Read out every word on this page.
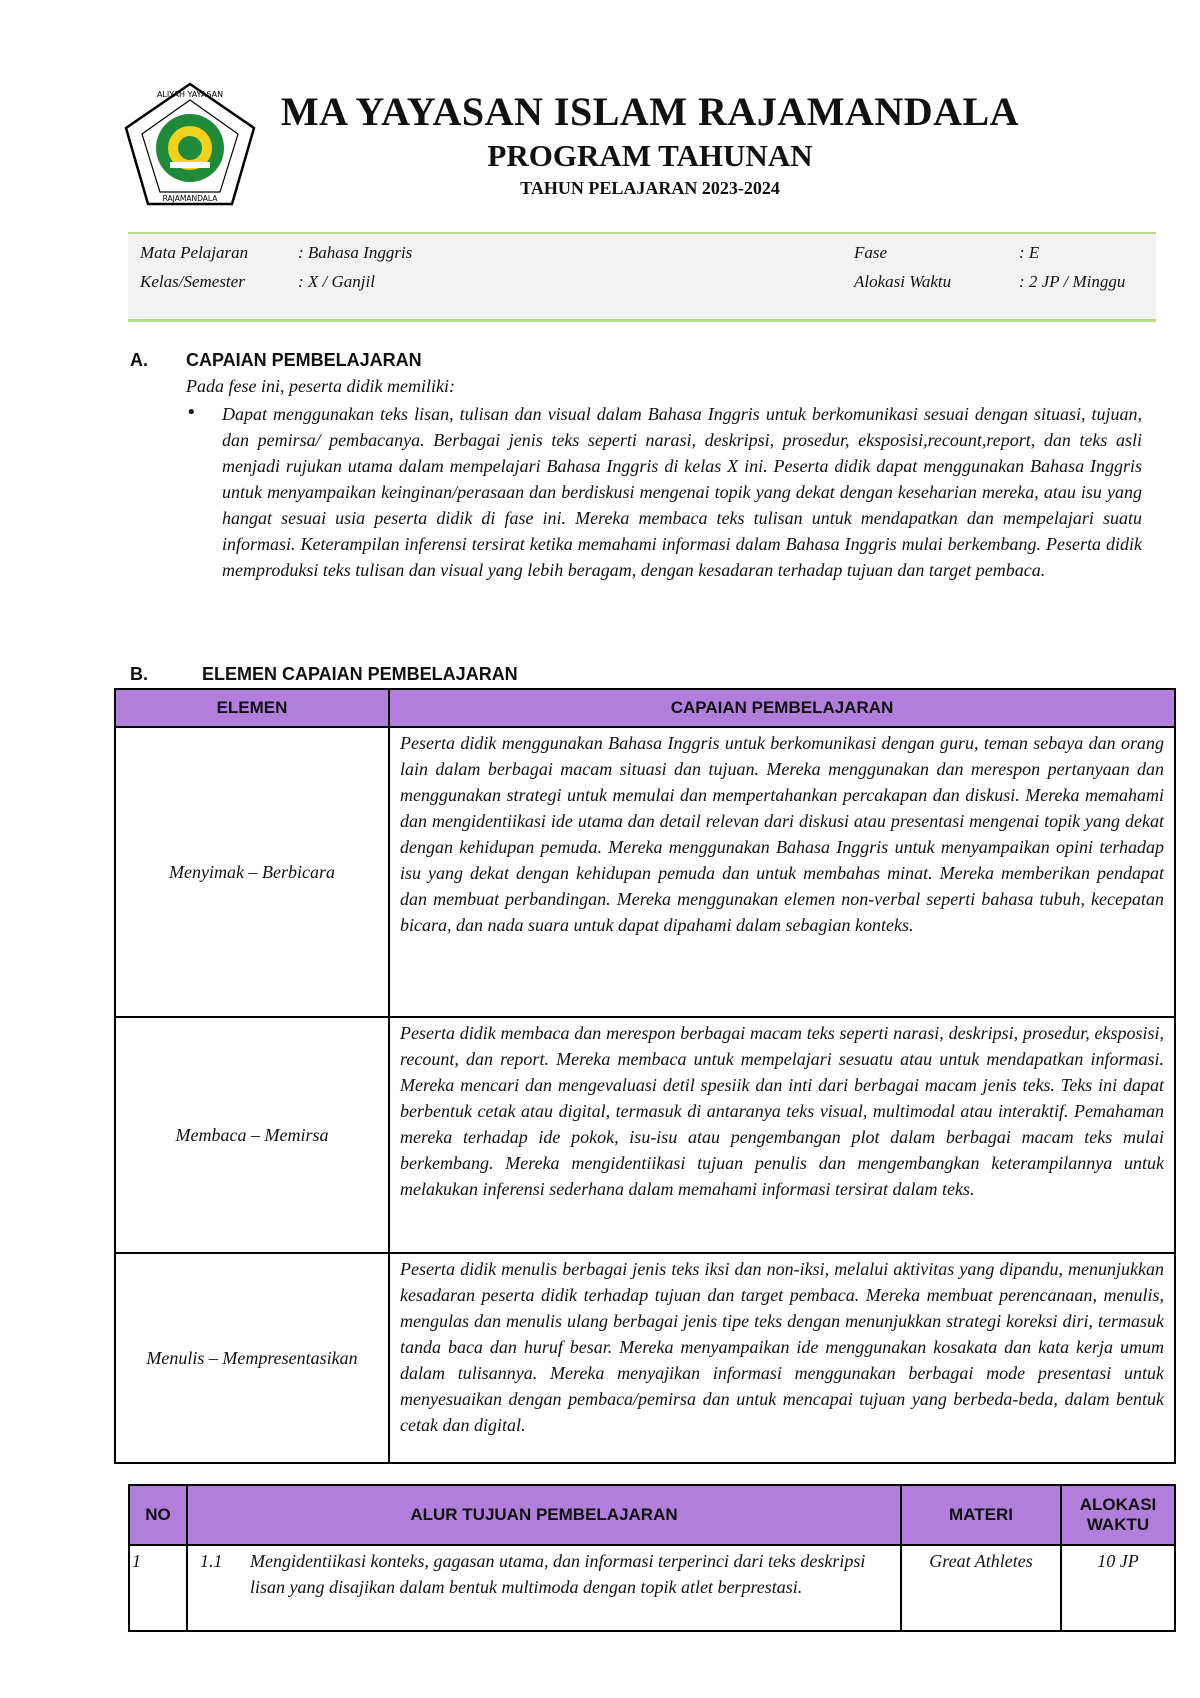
ALIYAH YAYASAN
RAJAMANDALA
MA YAYASAN ISLAM RAJAMANDALA
PROGRAM TAHUNAN
TAHUN PELAJARAN 2023-2024
Mata Pelajaran	: Bahasa Inggris	Fase	: E
Kelas/Semester	: X / Ganjil	Alokasi Waktu	: 2 JP / Minggu
A. CAPAIAN PEMBELAJARAN
Pada fese ini, peserta didik memiliki:
• Dapat menggunakan teks lisan, tulisan dan visual dalam Bahasa Inggris untuk berkomunikasi sesuai dengan situasi, tujuan, dan pemirsa/ pembacanya. Berbagai jenis teks seperti narasi, deskripsi, prosedur, eksposisi,recount,report, dan teks asli menjadi rujukan utama dalam mempelajari Bahasa Inggris di kelas X ini. Peserta didik dapat menggunakan Bahasa Inggris untuk menyampaikan keinginan/perasaan dan berdiskusi mengenai topik yang dekat dengan keseharian mereka, atau isu yang hangat sesuai usia peserta didik di fase ini. Mereka membaca teks tulisan untuk mendapatkan dan mempelajari suatu informasi. Keterampilan inferensi tersirat ketika memahami informasi dalam Bahasa Inggris mulai berkembang. Peserta didik memproduksi teks tulisan dan visual yang lebih beragam, dengan kesadaran terhadap tujuan dan target pembaca.
B.	ELEMEN CAPAIAN PEMBELAJARAN
ELEMEN	CAPAIAN PEMBELAJARAN
Menyimak – Berbicara	Peserta didik menggunakan Bahasa Inggris untuk berkomunikasi dengan guru, teman sebaya dan orang lain dalam berbagai macam situasi dan tujuan. Mereka menggunakan dan merespon pertanyaan dan menggunakan strategi untuk memulai dan mempertahankan percakapan dan diskusi. Mereka memahami dan mengidentiikasi ide utama dan detail relevan dari diskusi atau presentasi mengenai topik yang dekat dengan kehidupan pemuda. Mereka menggunakan Bahasa Inggris untuk menyampaikan opini terhadap isu yang dekat dengan kehidupan pemuda dan untuk membahas minat. Mereka memberikan pendapat dan membuat perbandingan. Mereka menggunakan elemen non-verbal seperti bahasa tubuh, kecepatan bicara, dan nada suara untuk dapat dipahami dalam sebagian konteks.
Membaca – Memirsa	Peserta didik membaca dan merespon berbagai macam teks seperti narasi, deskripsi, prosedur, eksposisi, recount, dan report. Mereka membaca untuk mempelajari sesuatu atau untuk mendapatkan informasi. Mereka mencari dan mengevaluasi detil spesiik dan inti dari berbagai macam jenis teks. Teks ini dapat berbentuk cetak atau digital, termasuk di antaranya teks visual, multimodal atau interaktif. Pemahaman mereka terhadap ide pokok, isu-isu atau pengembangan plot dalam berbagai macam teks mulai berkembang. Mereka mengidentiikasi tujuan penulis dan mengembangkan keterampilannya untuk melakukan inferensi sederhana dalam memahami informasi tersirat dalam teks.
Menulis – Mempresentasikan	Peserta didik menulis berbagai jenis teks iksi dan non-iksi, melalui aktivitas yang dipandu, menunjukkan kesadaran peserta didik terhadap tujuan dan target pembaca. Mereka membuat perencanaan, menulis, mengulas dan menulis ulang berbagai jenis tipe teks dengan menunjukkan strategi koreksi diri, termasuk tanda baca dan huruf besar. Mereka menyampaikan ide menggunakan kosakata dan kata kerja umum dalam tulisannya. Mereka menyajikan informasi menggunakan berbagai mode presentasi untuk menyesuaikan dengan pembaca/pemirsa dan untuk mencapai tujuan yang berbeda-beda, dalam bentuk cetak dan digital.
NO	ALUR TUJUAN PEMBELAJARAN	MATERI	ALOKASI WAKTU
1	1.1 Mengidentiikasi konteks, gagasan utama, dan informasi terperinci dari teks deskripsi lisan yang disajikan dalam bentuk multimoda dengan topik atlet berprestasi.	Great Athletes	10 JP
